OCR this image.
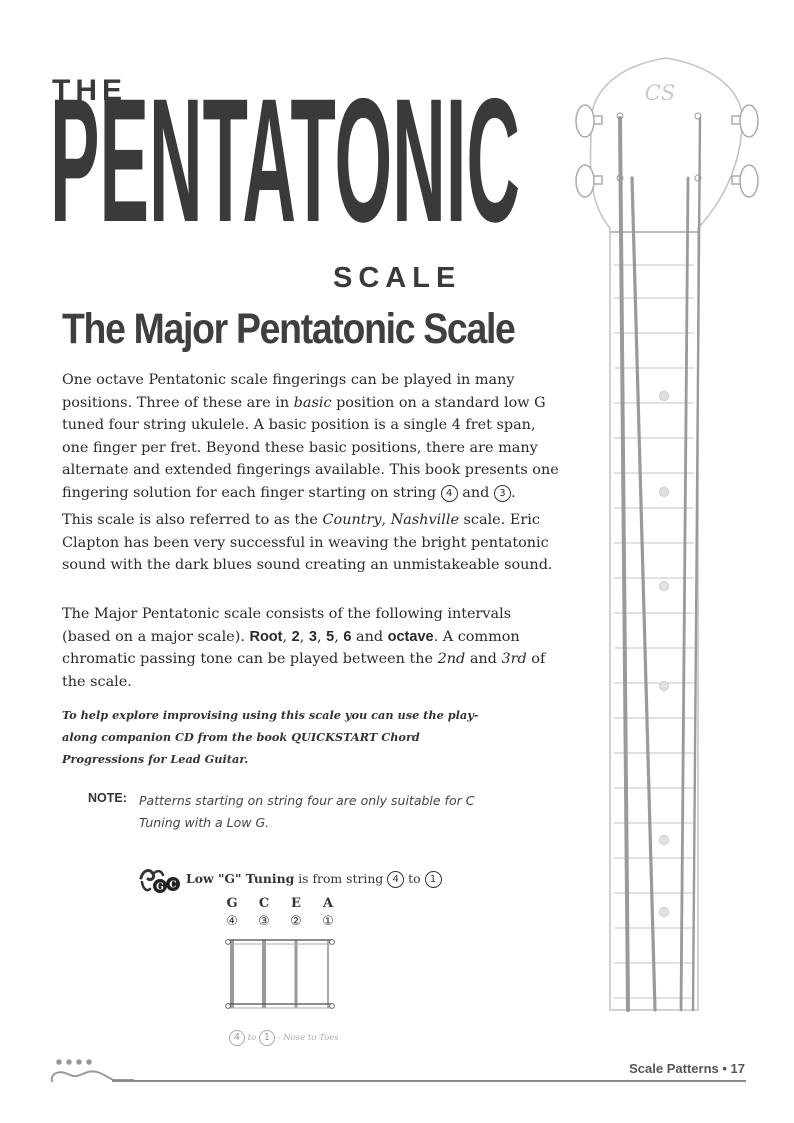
THE
PENTATONIC
SCALE
The Major Pentatonic Scale

One octave Pentatonic scale fingerings can be played in many positions. Three of these are in basic position on a standard low G tuned four string ukulele. A basic position is a single 4 fret span, one finger per fret. Beyond these basic positions, there are many alternate and extended fingerings available. This book presents one fingering solution for each finger starting on string 4 and 3 .

This scale is also referred to as the Country, Nashville scale. Eric Clapton has been very successful in weaving the bright pentatonic sound with the dark blues sound creating an unmistakeable sound.

The Major Pentatonic scale consists of the following intervals (based on a major scale). Root, 2, 3, 5, 6 and octave. A common chromatic passing tone can be played between the 2nd and 3rd of the scale.

To help explore improvising using this scale you can use the play-along companion CD from the book QUICKSTART Chord Progressions for Lead Guitar.

NOTE: Patterns starting on string four are only suitable for C Tuning with a Low G.

G C Low "G" Tuning is from string 4 to 1
G	C	E	A
④	③	②	①
4 to 1 - Nose to Toes
CS
Scale Patterns • 17
